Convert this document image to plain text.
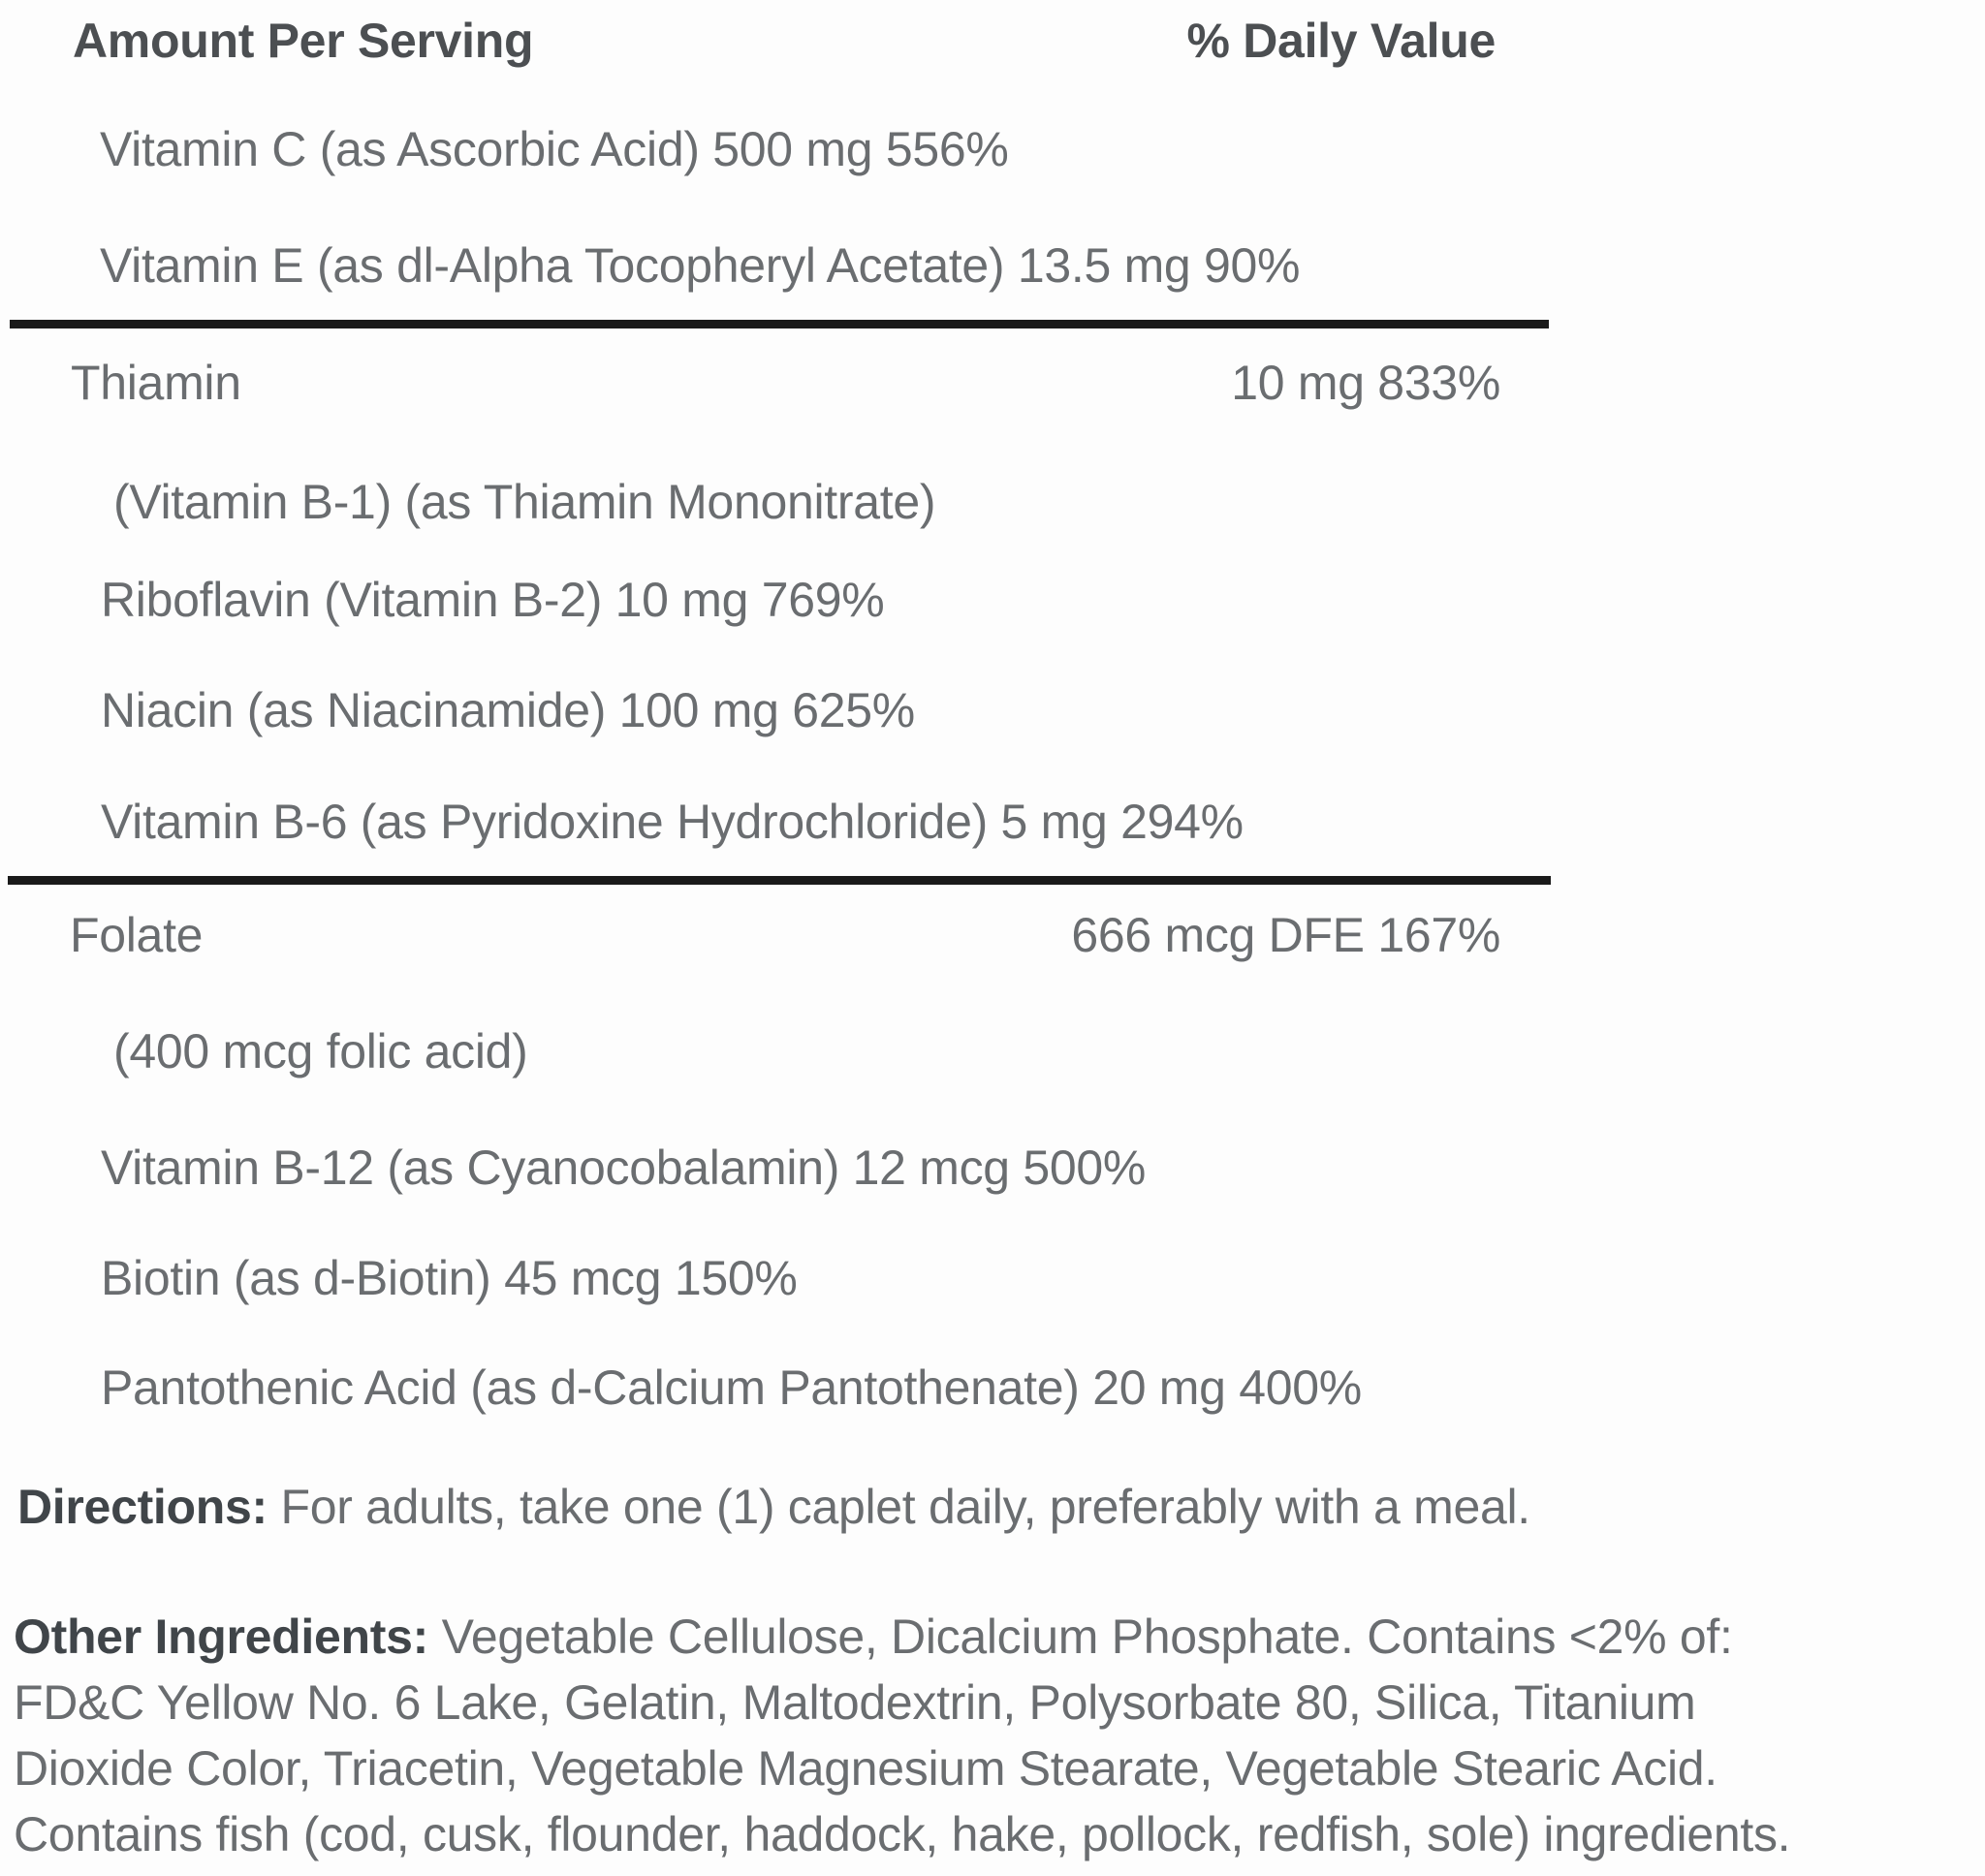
Amount Per Serving	% Daily Value
Vitamin C (as Ascorbic Acid) 500 mg 556%
Vitamin E (as dl-Alpha Tocopheryl Acetate) 13.5 mg 90%
Thiamin	10 mg 833%
(Vitamin B-1) (as Thiamin Mononitrate)
Riboflavin (Vitamin B-2) 10 mg 769%
Niacin (as Niacinamide) 100 mg 625%
Vitamin B-6 (as Pyridoxine Hydrochloride) 5 mg 294%
Folate	666 mcg DFE 167%
(400 mcg folic acid)
Vitamin B-12 (as Cyanocobalamin) 12 mcg 500%
Biotin (as d-Biotin) 45 mcg 150%
Pantothenic Acid (as d-Calcium Pantothenate) 20 mg 400%
Directions: For adults, take one (1) caplet daily, preferably with a meal.
Other Ingredients: Vegetable Cellulose, Dicalcium Phosphate. Contains <2% of:
FD&C Yellow No. 6 Lake, Gelatin, Maltodextrin, Polysorbate 80, Silica, Titanium
Dioxide Color, Triacetin, Vegetable Magnesium Stearate, Vegetable Stearic Acid.
Contains fish (cod, cusk, flounder, haddock, hake, pollock, redfish, sole) ingredients.
